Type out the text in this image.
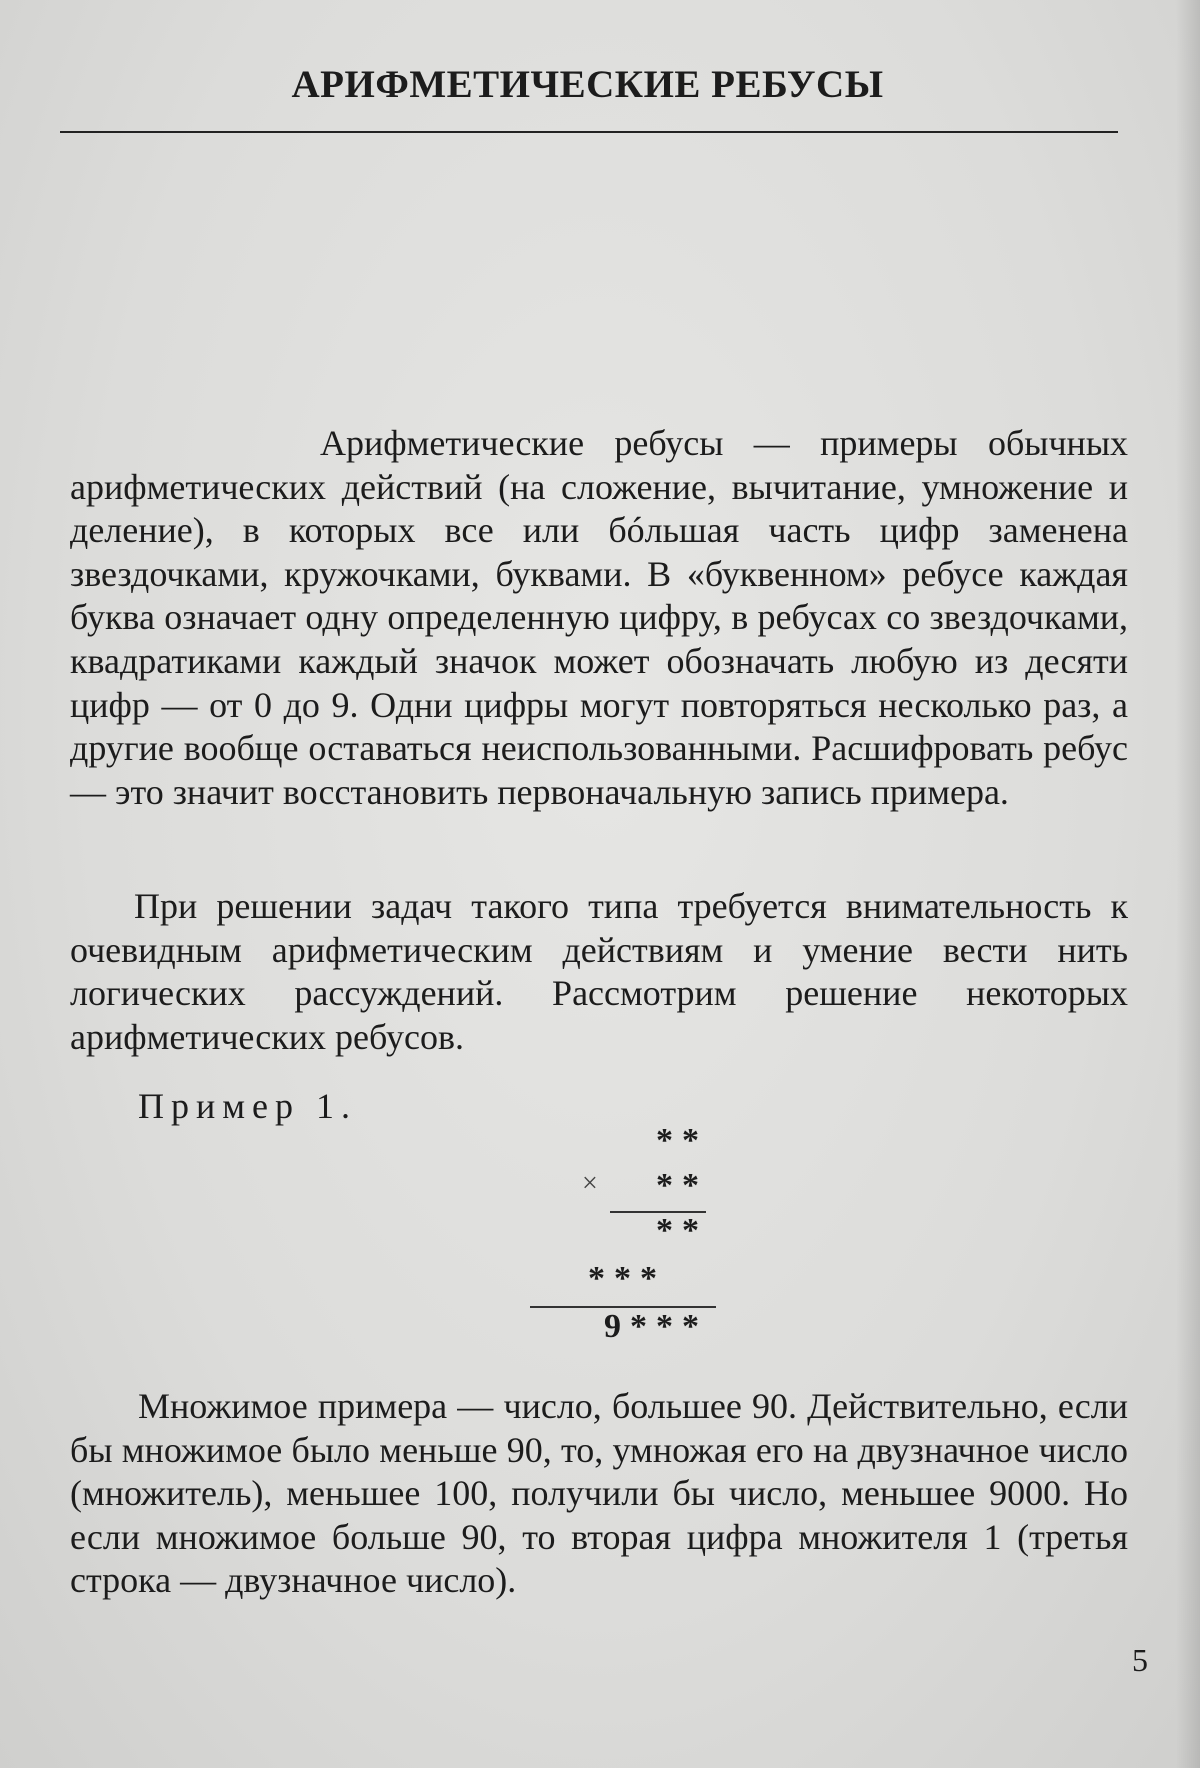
АРИФМЕТИЧЕСКИЕ РЕБУСЫ
Арифметические ребусы — примеры обычных арифметических действий (на сложение, вычитание, умножение и деление), в которых все или бóльшая часть цифр заменена звездочками, кружочками, буквами. В «буквенном» ребусе каждая буква означает одну определенную цифру, в ребусах со звездочками, квадратиками каждый значок может обозначать любую из десяти цифр — от 0 до 9. Одни цифры могут повторяться несколько раз, а другие вообще оставаться неиспользованными. Расшифровать ребус — это значит восстановить первоначальную запись примера.
При решении задач такого типа требуется внимательность к очевидным арифметическим действиям и умение вести нить логических рассуждений. Рассмотрим решение некоторых арифметических ребусов.
Пример 1.
**
× **
**
***
9***
Множимое примера — число, большее 90. Действительно, если бы множимое было меньше 90, то, умножая его на двузначное число (множитель), меньшее 100, получили бы число, меньшее 9000. Но если множимое больше 90, то вторая цифра множителя 1 (третья строка — двузначное число).
5
